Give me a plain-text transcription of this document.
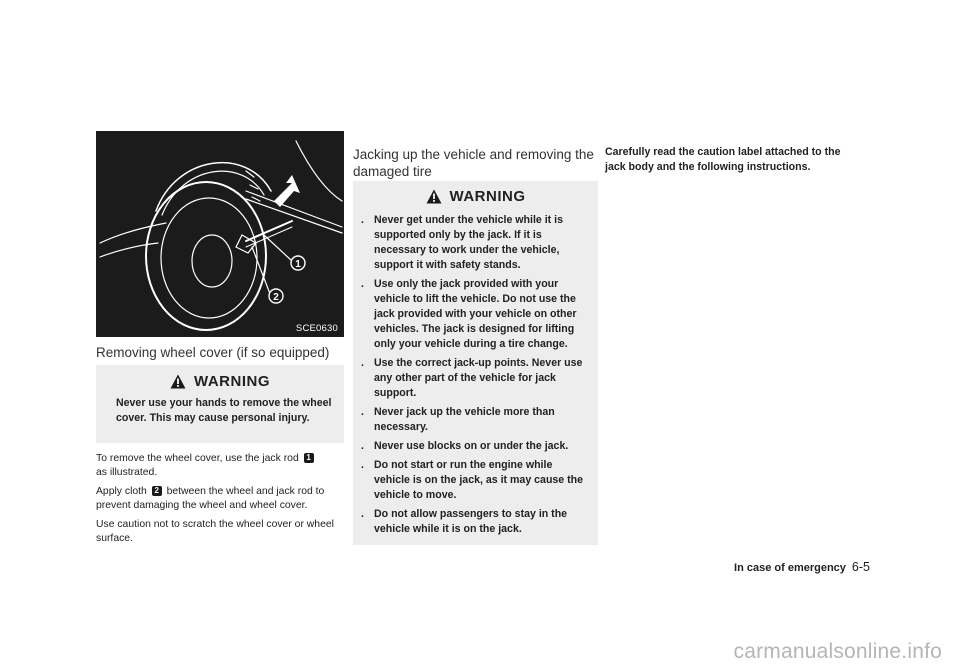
1
2
SCE0630
Removing wheel cover (if so equipped)
WARNING
Never use your hands to remove the wheel cover. This may cause personal injury.

To remove the wheel cover, use the jack rod 1
as illustrated.

Apply cloth 2 between the wheel and jack rod to prevent damaging the wheel and wheel cover.

Use caution not to scratch the wheel cover or wheel surface.

Jacking up the vehicle and removing the damaged tire
WARNING
. Never get under the vehicle while it is supported only by the jack. If it is necessary to work under the vehicle, support it with safety stands.
. Use only the jack provided with your vehicle to lift the vehicle. Do not use the jack provided with your vehicle on other vehicles. The jack is designed for lifting only your vehicle during a tire change.
. Use the correct jack-up points. Never use any other part of the vehicle for jack support.
. Never jack up the vehicle more than necessary.
. Never use blocks on or under the jack.
. Do not start or run the engine while vehicle is on the jack, as it may cause the vehicle to move.
. Do not allow passengers to stay in the vehicle while it is on the jack.
Carefully read the caution label attached to the jack body and the following instructions.
In case of emergency 6-5
carmanualsonline.info
